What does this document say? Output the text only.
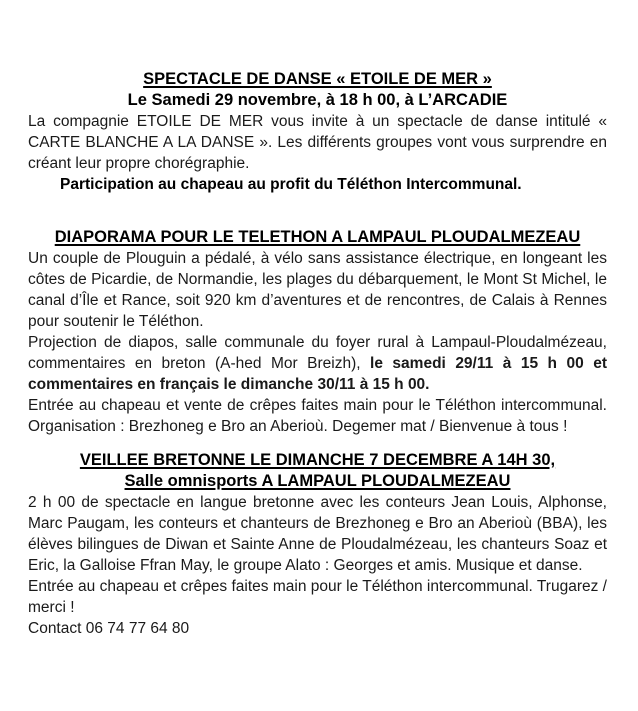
SPECTACLE DE DANSE « ETOILE DE MER »
Le Samedi 29 novembre, à 18 h 00, à L’ARCADIE

La compagnie ETOILE DE MER vous invite à un spectacle de danse intitulé « CARTE BLANCHE A LA DANSE ». Les différents groupes vont vous surprendre en créant leur propre chorégraphie.

Participation au chapeau au profit du Téléthon Intercommunal.

DIAPORAMA POUR LE TELETHON A LAMPAUL PLOUDALMEZEAU

Un couple de Plouguin a pédalé, à vélo sans assistance électrique, en longeant les côtes de Picardie, de Normandie, les plages du débarquement, le Mont St Michel, le canal d’Île et Rance, soit 920 km d’aventures et de rencontres, de Calais à Rennes pour soutenir le Téléthon.

Projection de diapos, salle communale du foyer rural à Lampaul-Ploudalmézeau, commentaires en breton (A-hed Mor Breizh), le samedi 29/11 à 15 h 00 et commentaires en français le dimanche 30/11 à 15 h 00.

Entrée au chapeau et vente de crêpes faites main pour le Téléthon intercommunal. Organisation : Brezhoneg e Bro an Aberioù. Degemer mat / Bienvenue à tous !

VEILLEE BRETONNE LE DIMANCHE 7 DECEMBRE A 14H 30,
Salle omnisports A LAMPAUL PLOUDALMEZEAU

2 h 00 de spectacle en langue bretonne avec les conteurs Jean Louis, Alphonse, Marc Paugam, les conteurs et chanteurs de Brezhoneg e Bro an Aberioù (BBA), les élèves bilingues de Diwan et Sainte Anne de Ploudalmézeau, les chanteurs Soaz et Eric, la Galloise Ffran May, le groupe Alato : Georges et amis. Musique et danse.

Entrée au chapeau et crêpes faites main pour le Téléthon intercommunal. Trugarez / merci !

Contact 06 74 77 64 80
